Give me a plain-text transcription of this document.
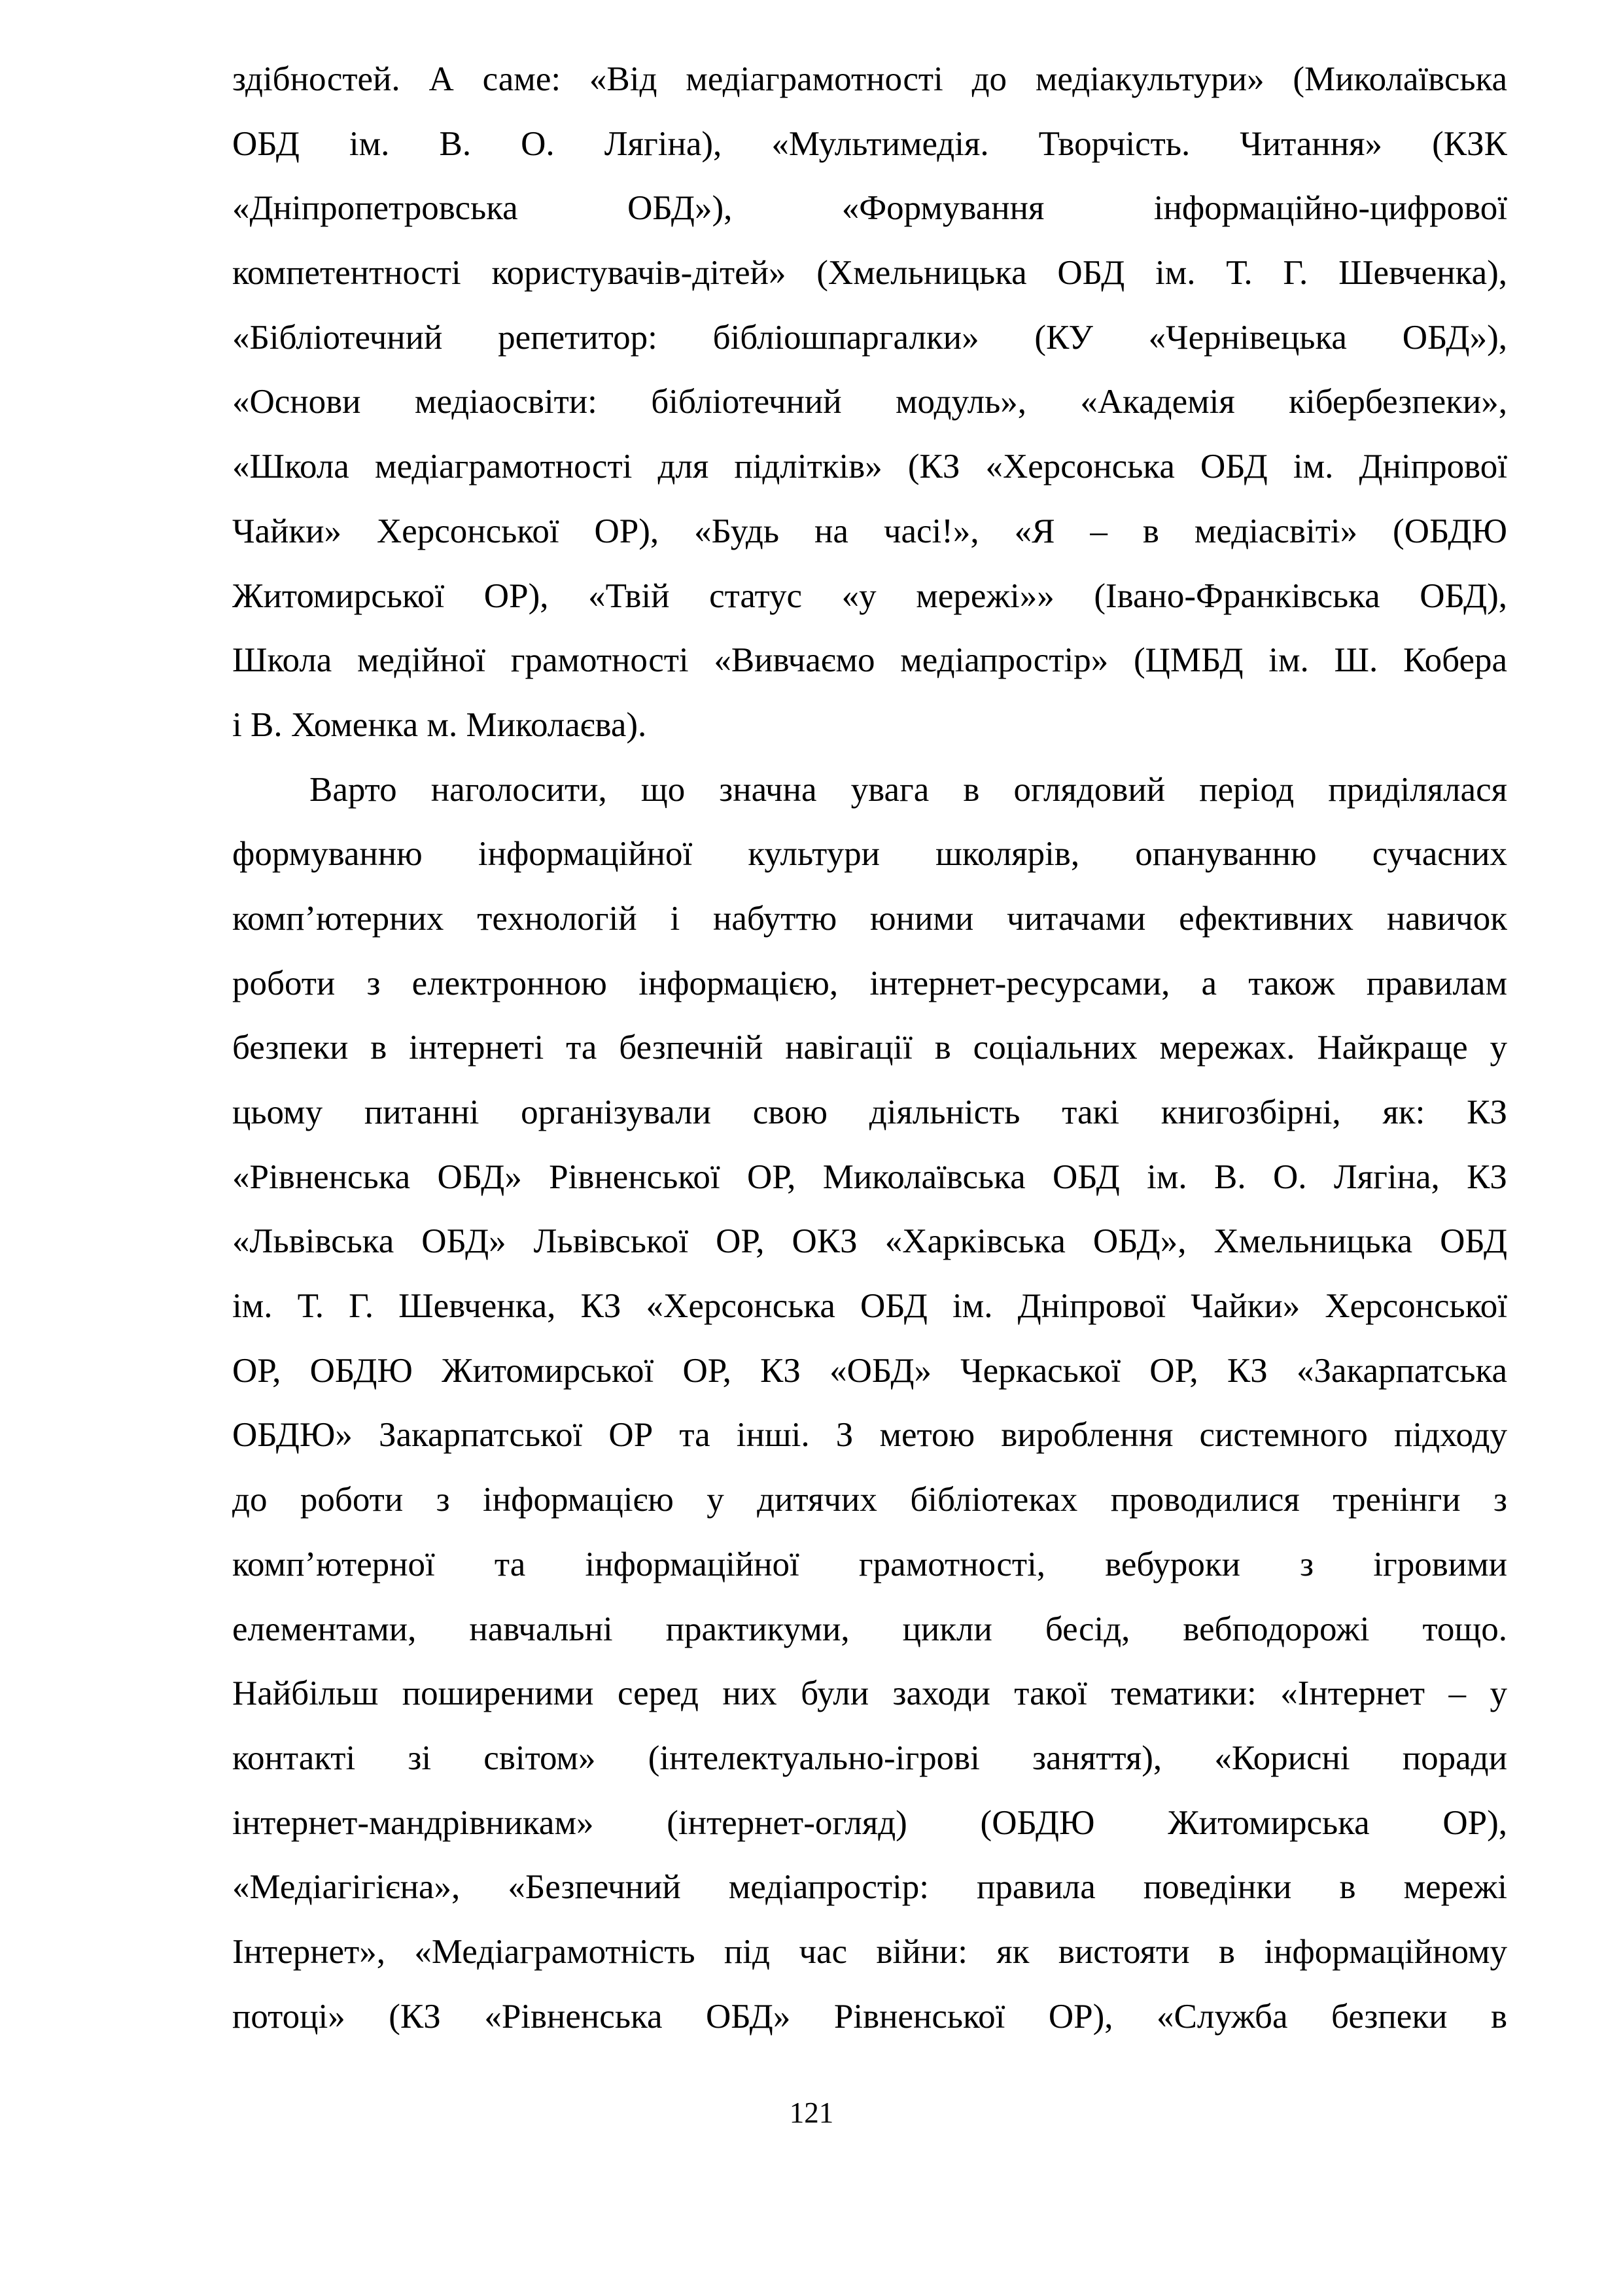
здібностей. А саме: «Від медіаграмотності до медіакультури» (Миколаївська
ОБД ім. В. О. Лягіна), «Мультимедія. Творчість. Читання» (КЗК
«Дніпропетровська ОБД»), «Формування інформаційно-цифрової
компетентності користувачів-дітей» (Хмельницька ОБД ім. Т. Г. Шевченка),
«Бібліотечний репетитор: бібліошпаргалки» (КУ «Чернівецька ОБД»),
«Основи медіаосвіти: бібліотечний модуль», «Академія кібербезпеки»,
«Школа медіаграмотності для підлітків» (КЗ «Херсонська ОБД ім. Дніпрової
Чайки» Херсонської ОР), «Будь на часі!», «Я – в медіасвіті» (ОБДЮ
Житомирської ОР), «Твій статус «у мережі»» (Івано-Франківська ОБД),
Школа медійної грамотності «Вивчаємо медіапростір» (ЦМБД ім. Ш. Кобера
і В. Хоменка м. Миколаєва).
Варто наголосити, що значна увага в оглядовий період приділялася
формуванню інформаційної культури школярів, опануванню сучасних
комп’ютерних технологій і набуттю юними читачами ефективних навичок
роботи з електронною інформацією, інтернет-ресурсами, а також правилам
безпеки в інтернеті та безпечній навігації в соціальних мережах. Найкраще у
цьому питанні організували свою діяльність такі книгозбірні, як: КЗ
«Рівненська ОБД» Рівненської ОР, Миколаївська ОБД ім. В. О. Лягіна, КЗ
«Львівська ОБД» Львівської ОР, ОКЗ «Харківська ОБД», Хмельницька ОБД
ім. Т. Г. Шевченка, КЗ «Херсонська ОБД ім. Дніпрової Чайки» Херсонської
ОР, ОБДЮ Житомирської ОР, КЗ «ОБД» Черкаської ОР, КЗ «Закарпатська
ОБДЮ» Закарпатської ОР та інші. З метою вироблення системного підходу
до роботи з інформацією у дитячих бібліотеках проводилися тренінги з
комп’ютерної та інформаційної грамотності, вебуроки з ігровими
елементами, навчальні практикуми, цикли бесід, вебподорожі тощо.
Найбільш поширеними серед них були заходи такої тематики: «Інтернет – у
контакті зі світом» (інтелектуально-ігрові заняття), «Корисні поради
інтернет-мандрівникам» (інтернет-огляд) (ОБДЮ Житомирська ОР),
«Медіагігієна», «Безпечний медіапростір: правила поведінки в мережі
Інтернет», «Медіаграмотність під час війни: як вистояти в інформаційному
потоці» (КЗ «Рівненська ОБД» Рівненської ОР), «Служба безпеки в
121
